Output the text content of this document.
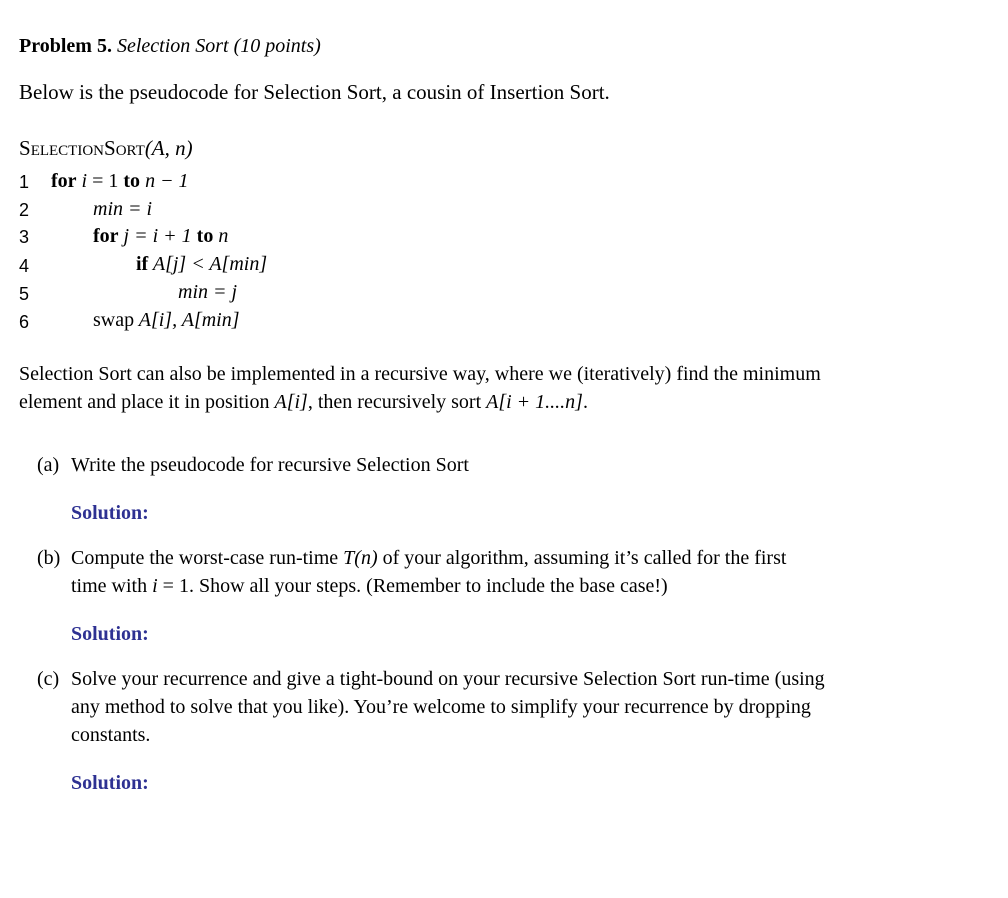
Problem 5. Selection Sort (10 points)
Below is the pseudocode for Selection Sort, a cousin of Insertion Sort.
SELECTIONSORT(A, n)
1 for i = 1 to n − 1
2	min = i
3	for j = i + 1 to n
4	if A[j] < A[min]
5	min = j
6	swap A[i], A[min]
Selection Sort can also be implemented in a recursive way, where we (iteratively) find the minimum
element and place it in position A[i], then recursively sort A[i + 1....n].
(a) Write the pseudocode for recursive Selection Sort
Solution:
(b) Compute the worst-case run-time T(n) of your algorithm, assuming it’s called for the first
time with i = 1. Show all your steps. (Remember to include the base case!)
Solution:
(c) Solve your recurrence and give a tight-bound on your recursive Selection Sort run-time (using
any method to solve that you like). You’re welcome to simplify your recurrence by dropping
constants.
Solution:
